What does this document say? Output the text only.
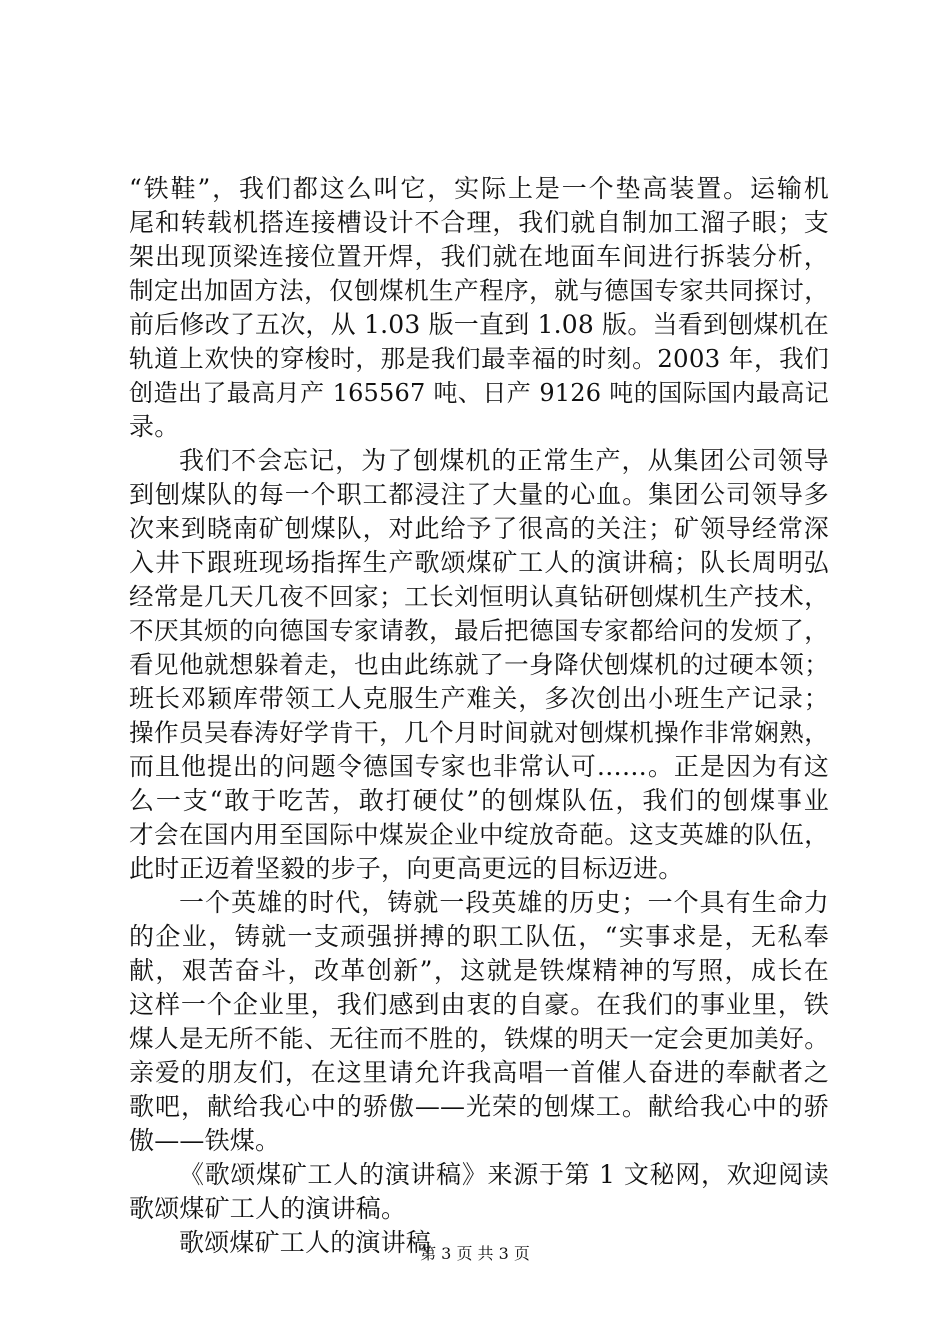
“铁鞋”，我们都这么叫它，实际上是一个垫高装置。运输机
尾和转载机搭连接槽设计不合理，我们就自制加工溜子眼；支
架出现顶梁连接位置开焊，我们就在地面车间进行拆装分析，
制定出加固方法，仅刨煤机生产程序，就与德国专家共同探讨，
前后修改了五次，从 1.03 版一直到 1.08 版。当看到刨煤机在
轨道上欢快的穿梭时，那是我们最幸福的时刻。2003 年，我们
创造出了最高月产 165567 吨、日产 9126 吨的国际国内最高记
录。
我们不会忘记，为了刨煤机的正常生产，从集团公司领导
到刨煤队的每一个职工都浸注了大量的心血。集团公司领导多
次来到晓南矿刨煤队，对此给予了很高的关注；矿领导经常深
入井下跟班现场指挥生产歌颂煤矿工人的演讲稿；队长周明弘
经常是几天几夜不回家；工长刘恒明认真钻研刨煤机生产技术，
不厌其烦的向德国专家请教，最后把德国专家都给问的发烦了，
看见他就想躲着走，也由此练就了一身降伏刨煤机的过硬本领；
班长邓颖库带领工人克服生产难关，多次创出小班生产记录；
操作员吴春涛好学肯干，几个月时间就对刨煤机操作非常娴熟，
而且他提出的问题令德国专家也非常认可……。正是因为有这
么一支“敢于吃苦，敢打硬仗”的刨煤队伍，我们的刨煤事业
才会在国内用至国际中煤炭企业中绽放奇葩。这支英雄的队伍，
此时正迈着坚毅的步子，向更高更远的目标迈进。
一个英雄的时代，铸就一段英雄的历史；一个具有生命力
的企业，铸就一支顽强拼搏的职工队伍，“实事求是，无私奉
献，艰苦奋斗，改革创新”，这就是铁煤精神的写照，成长在
这样一个企业里，我们感到由衷的自豪。在我们的事业里，铁
煤人是无所不能、无往而不胜的，铁煤的明天一定会更加美好。
亲爱的朋友们，在这里请允许我高唱一首催人奋进的奉献者之
歌吧，献给我心中的骄傲——光荣的刨煤工。献给我心中的骄
傲——铁煤。
《歌颂煤矿工人的演讲稿》来源于第 1 文秘网，欢迎阅读
歌颂煤矿工人的演讲稿。
歌颂煤矿工人的演讲稿
第 3 页 共 3 页
